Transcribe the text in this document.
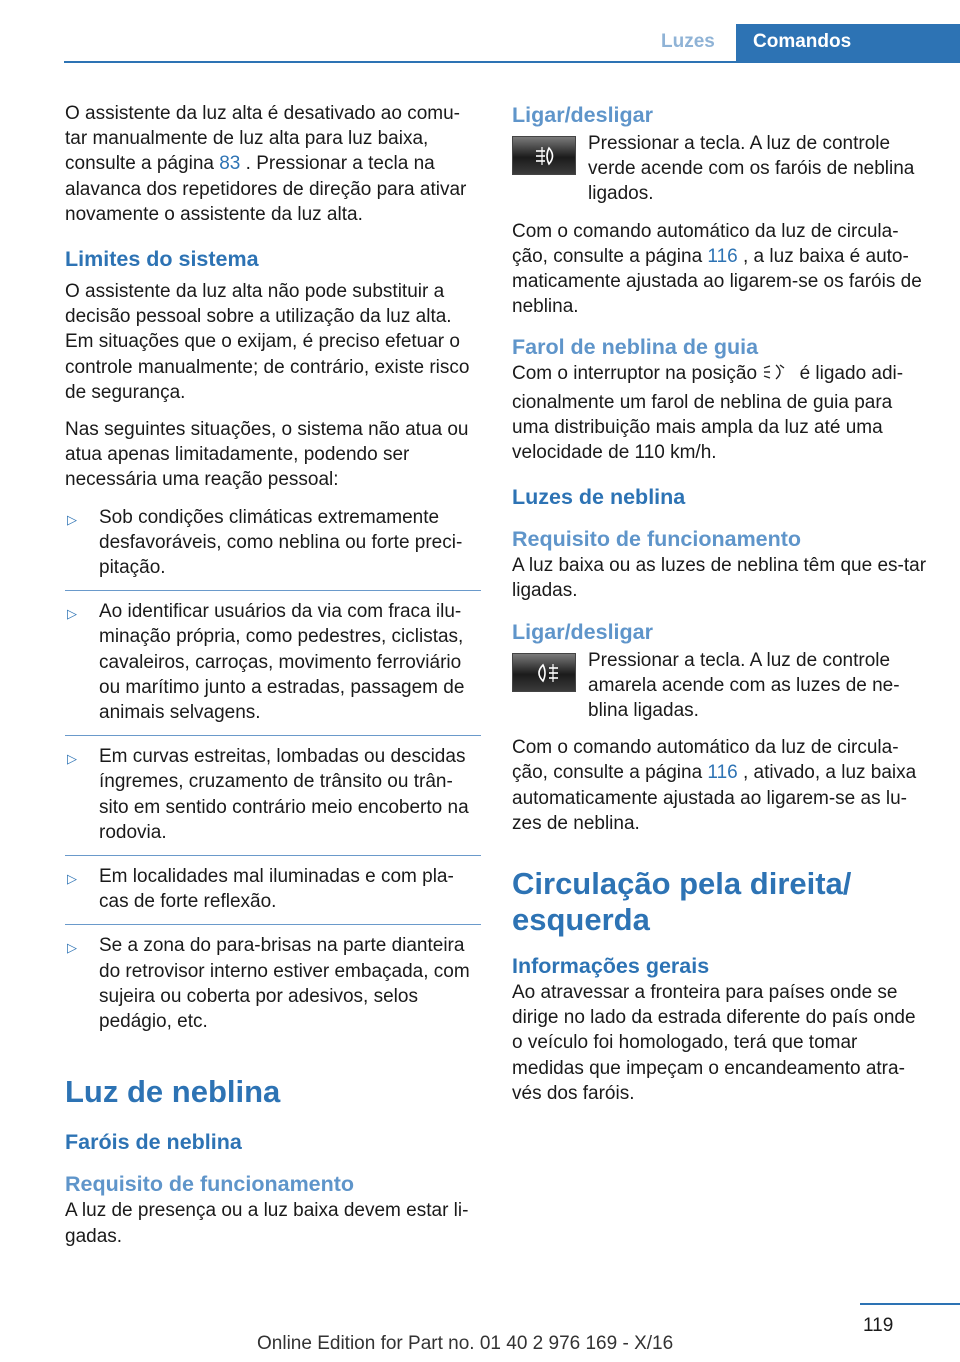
Luzes	Comandos

O assistente da luz alta é desativado ao comu-tar manualmente de luz alta para luz baixa, consulte a página 83 . Pressionar a tecla na alavanca dos repetidores de direção para ativar novamente o assistente da luz alta.

Limites do sistema

O assistente da luz alta não pode substituir a decisão pessoal sobre a utilização da luz alta. Em situações que o exijam, é preciso efetuar o controle manualmente; de contrário, existe risco de segurança.

Nas seguintes situações, o sistema não atua ou atua apenas limitadamente, podendo ser necessária uma reação pessoal:

▷ Sob condições climáticas extremamente desfavoráveis, como neblina ou forte preci-pitação.
▷ Ao identificar usuários da via com fraca ilu-minação própria, como pedestres, ciclistas, cavaleiros, carroças, movimento ferroviário ou marítimo junto a estradas, passagem de animais selvagens.
▷ Em curvas estreitas, lombadas ou descidas íngremes, cruzamento de trânsito ou trân-sito em sentido contrário meio encoberto na rodovia.
▷ Em localidades mal iluminadas e com pla-cas de forte reflexão.
▷ Se a zona do para-brisas na parte dianteira do retrovisor interno estiver embaçada, com sujeira ou coberta por adesivos, selos pedágio, etc.
Luz de neblina
Faróis de neblina
Requisito de funcionamento

A luz de presença ou a luz baixa devem estar li-gadas.

Ligar/desligar

Pressionar a tecla. A luz de controle verde acende com os faróis de neblina ligados.

Com o comando automático da luz de circula-ção, consulte a página 116 , a luz baixa é auto-maticamente ajustada ao ligarem-se os faróis de neblina.

Farol de neblina de guia

Com o interruptor na posição  é ligado adi-cionalmente um farol de neblina de guia para uma distribuição mais ampla da luz até uma velocidade de 110 km/h.

Luzes de neblina
Requisito de funcionamento

A luz baixa ou as luzes de neblina têm que es-tar ligadas.

Ligar/desligar

Pressionar a tecla. A luz de controle amarela acende com as luzes de ne-blina ligadas.

Com o comando automático da luz de circula-ção, consulte a página 116 , ativado, a luz baixa automaticamente ajustada ao ligarem-se as lu-zes de neblina.

Circulação pela direita/ esquerda
Informações gerais

Ao atravessar a fronteira para países onde se dirige no lado da estrada diferente do país onde o veículo foi homologado, terá que tomar medidas que impeçam o encandeamento atra-vés dos faróis.

119
Online Edition for Part no. 01 40 2 976 169 - X/16
